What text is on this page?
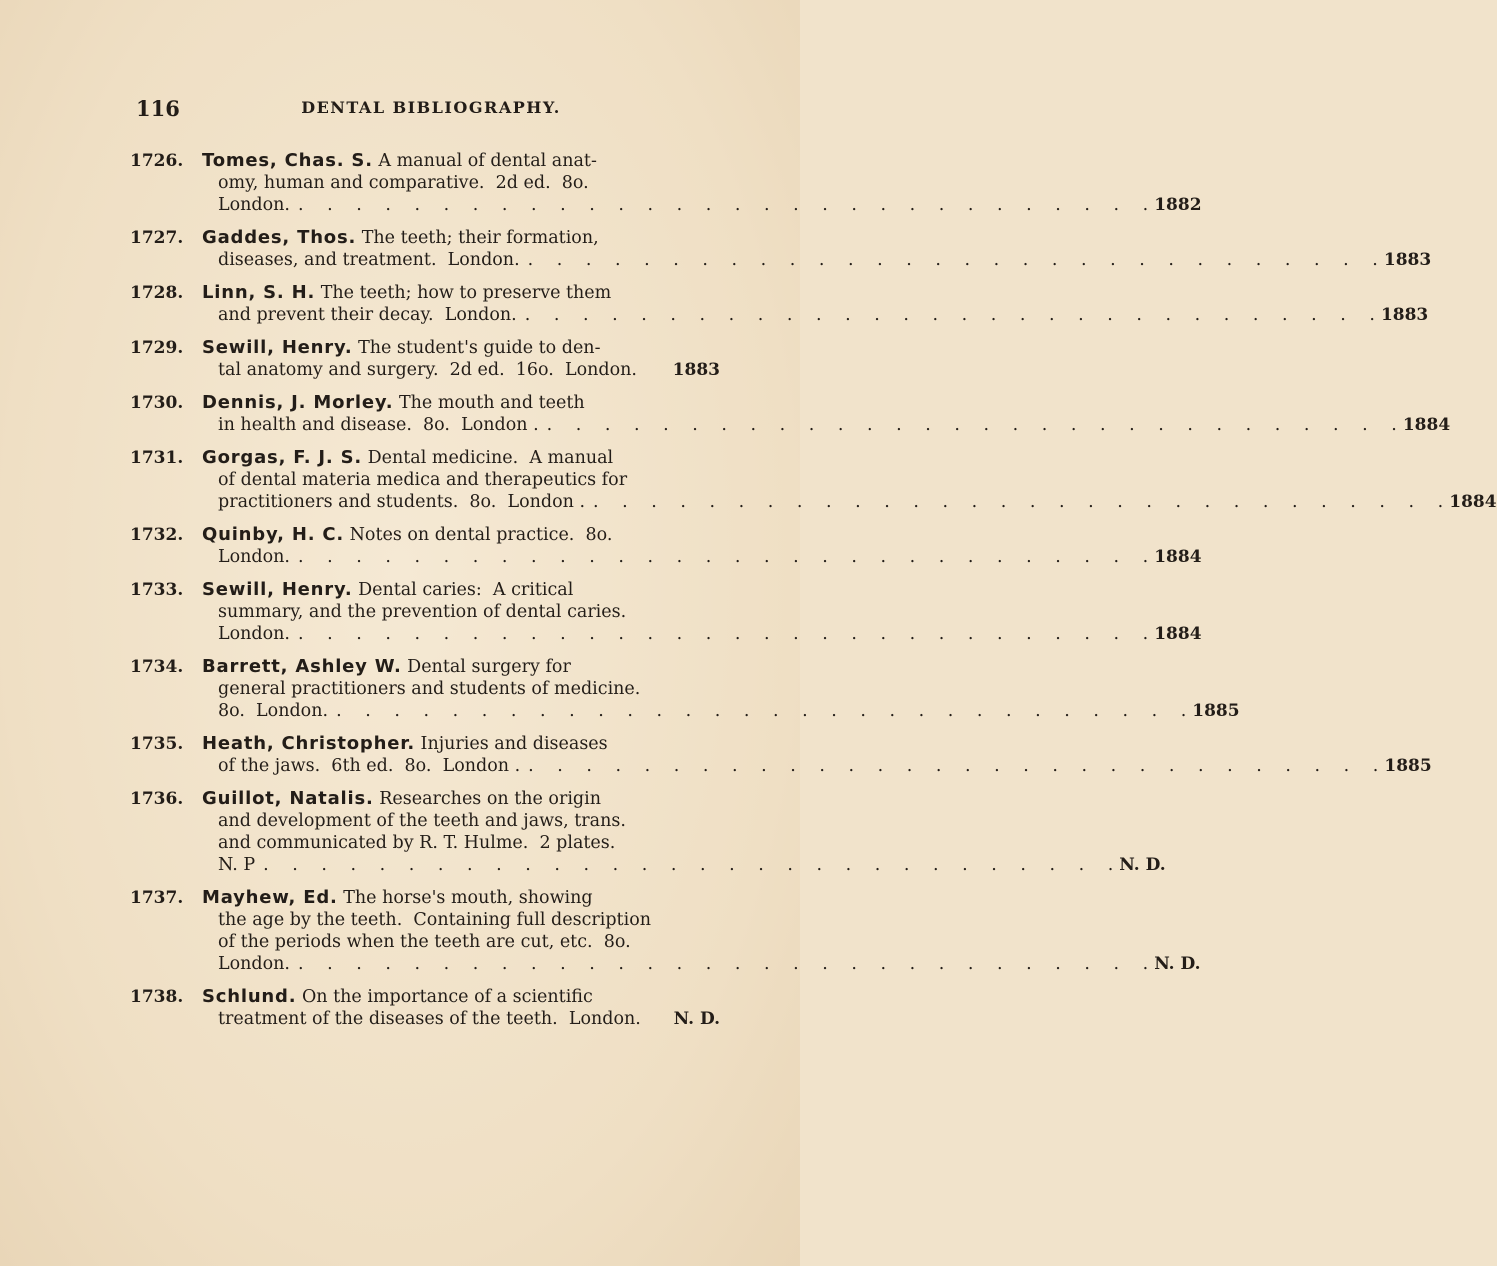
116	DENTAL BIBLIOGRAPHY.
1726.	Tomes, Chas. S. A manual of dental anat-
omy, human and comparative.  2d ed.  8o.
London. . . . . . . . . . . . . . . . . . . . . . . . . . . . . . . 1882
1727.	Gaddes, Thos. The teeth; their formation,
diseases, and treatment.  London. . . . . . . . . . . . . . . . . . . . . . . . . . . . . . . 1883
1728.	Linn, S. H. The teeth; how to preserve them
and prevent their decay.  London. . . . . . . . . . . . . . . . . . . . . . . . . . . . . . . 1883
1729.	Sewill, Henry. The student's guide to den-
tal anatomy and surgery.  2d ed.  16o.  London.	1883
1730.	Dennis, J. Morley. The mouth and teeth
in health and disease.  8o.  London . . . . . . . . . . . . . . . . . . . . . . . . . . . . . . . 1884
1731.	Gorgas, F. J. S. Dental medicine.  A manual
of dental materia medica and therapeutics for
practitioners and students.  8o.  London . . . . . . . . . . . . . . . . . . . . . . . . . . . . . . . 1884
1732.	Quinby, H. C. Notes on dental practice.  8o.
London. . . . . . . . . . . . . . . . . . . . . . . . . . . . . . . 1884
1733.	Sewill, Henry. Dental caries:  A critical
summary, and the prevention of dental caries.
London. . . . . . . . . . . . . . . . . . . . . . . . . . . . . . . 1884
1734.	Barrett, Ashley W. Dental surgery for
general practitioners and students of medicine.
8o.  London. . . . . . . . . . . . . . . . . . . . . . . . . . . . . . . 1885
1735.	Heath, Christopher. Injuries and diseases
of the jaws.  6th ed.  8o.  London . . . . . . . . . . . . . . . . . . . . . . . . . . . . . . . 1885
1736.	Guillot, Natalis. Researches on the origin
and development of the teeth and jaws, trans.
and communicated by R. T. Hulme.  2 plates.
N. P . . . . . . . . . . . . . . . . . . . . . . . . . . . . . . N. D.
1737.	Mayhew, Ed. The horse's mouth, showing
the age by the teeth.  Containing full description
of the periods when the teeth are cut, etc.  8o.
London. . . . . . . . . . . . . . . . . . . . . . . . . . . . . . . N. D.
1738.	Schlund. On the importance of a scientific
treatment of the diseases of the teeth.  London.	N. D.
